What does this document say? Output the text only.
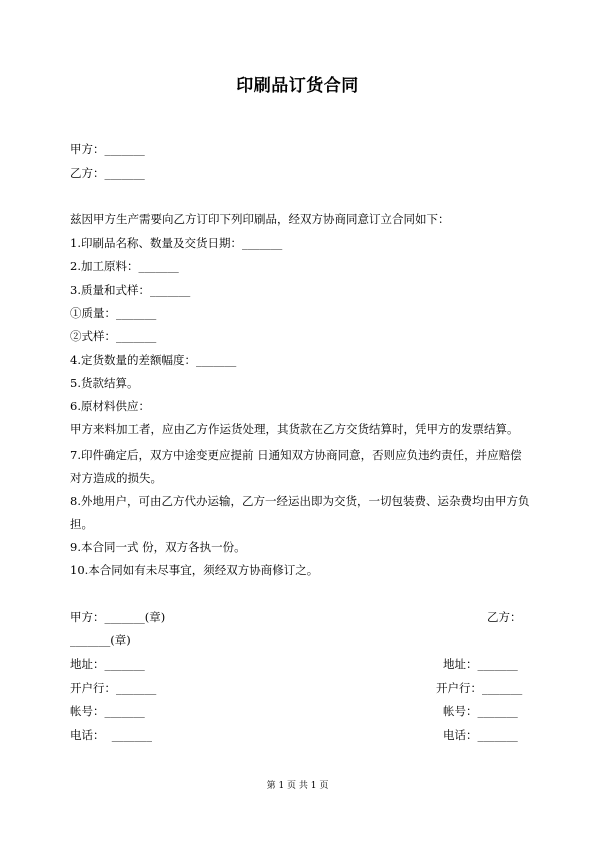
印刷品订货合同
甲方：_______
乙方：_______
兹因甲方生产需要向乙方订印下列印刷品，经双方协商同意订立合同如下：
1.印刷品名称、数量及交货日期：_______
2.加工原料：_______
3.质量和式样：_______
①质量：_______
②式样：_______
4.定货数量的差额幅度：_______
5.货款结算。
6.原材料供应：
甲方来料加工者，应由乙方作运货处理，其货款在乙方交货结算时，凭甲方的发票结算。
7.印件确定后，双方中途变更应提前 日通知双方协商同意，否则应负违约责任，并应赔偿对方造成的损失。
8.外地用户，可由乙方代办运输，乙方一经运出即为交货，一切包装费、运杂费均由甲方负担。
9.本合同一式 份，双方各执一份。
10.本合同如有未尽事宜，须经双方协商修订之。
甲方：_______(章)	乙方：
_______(章)
地址：_______	地址：_______
开户行：_______	开户行：_______
帐号：_______	帐号：_______
电话：  _______	电话：_______
第 1 页 共 1 页
